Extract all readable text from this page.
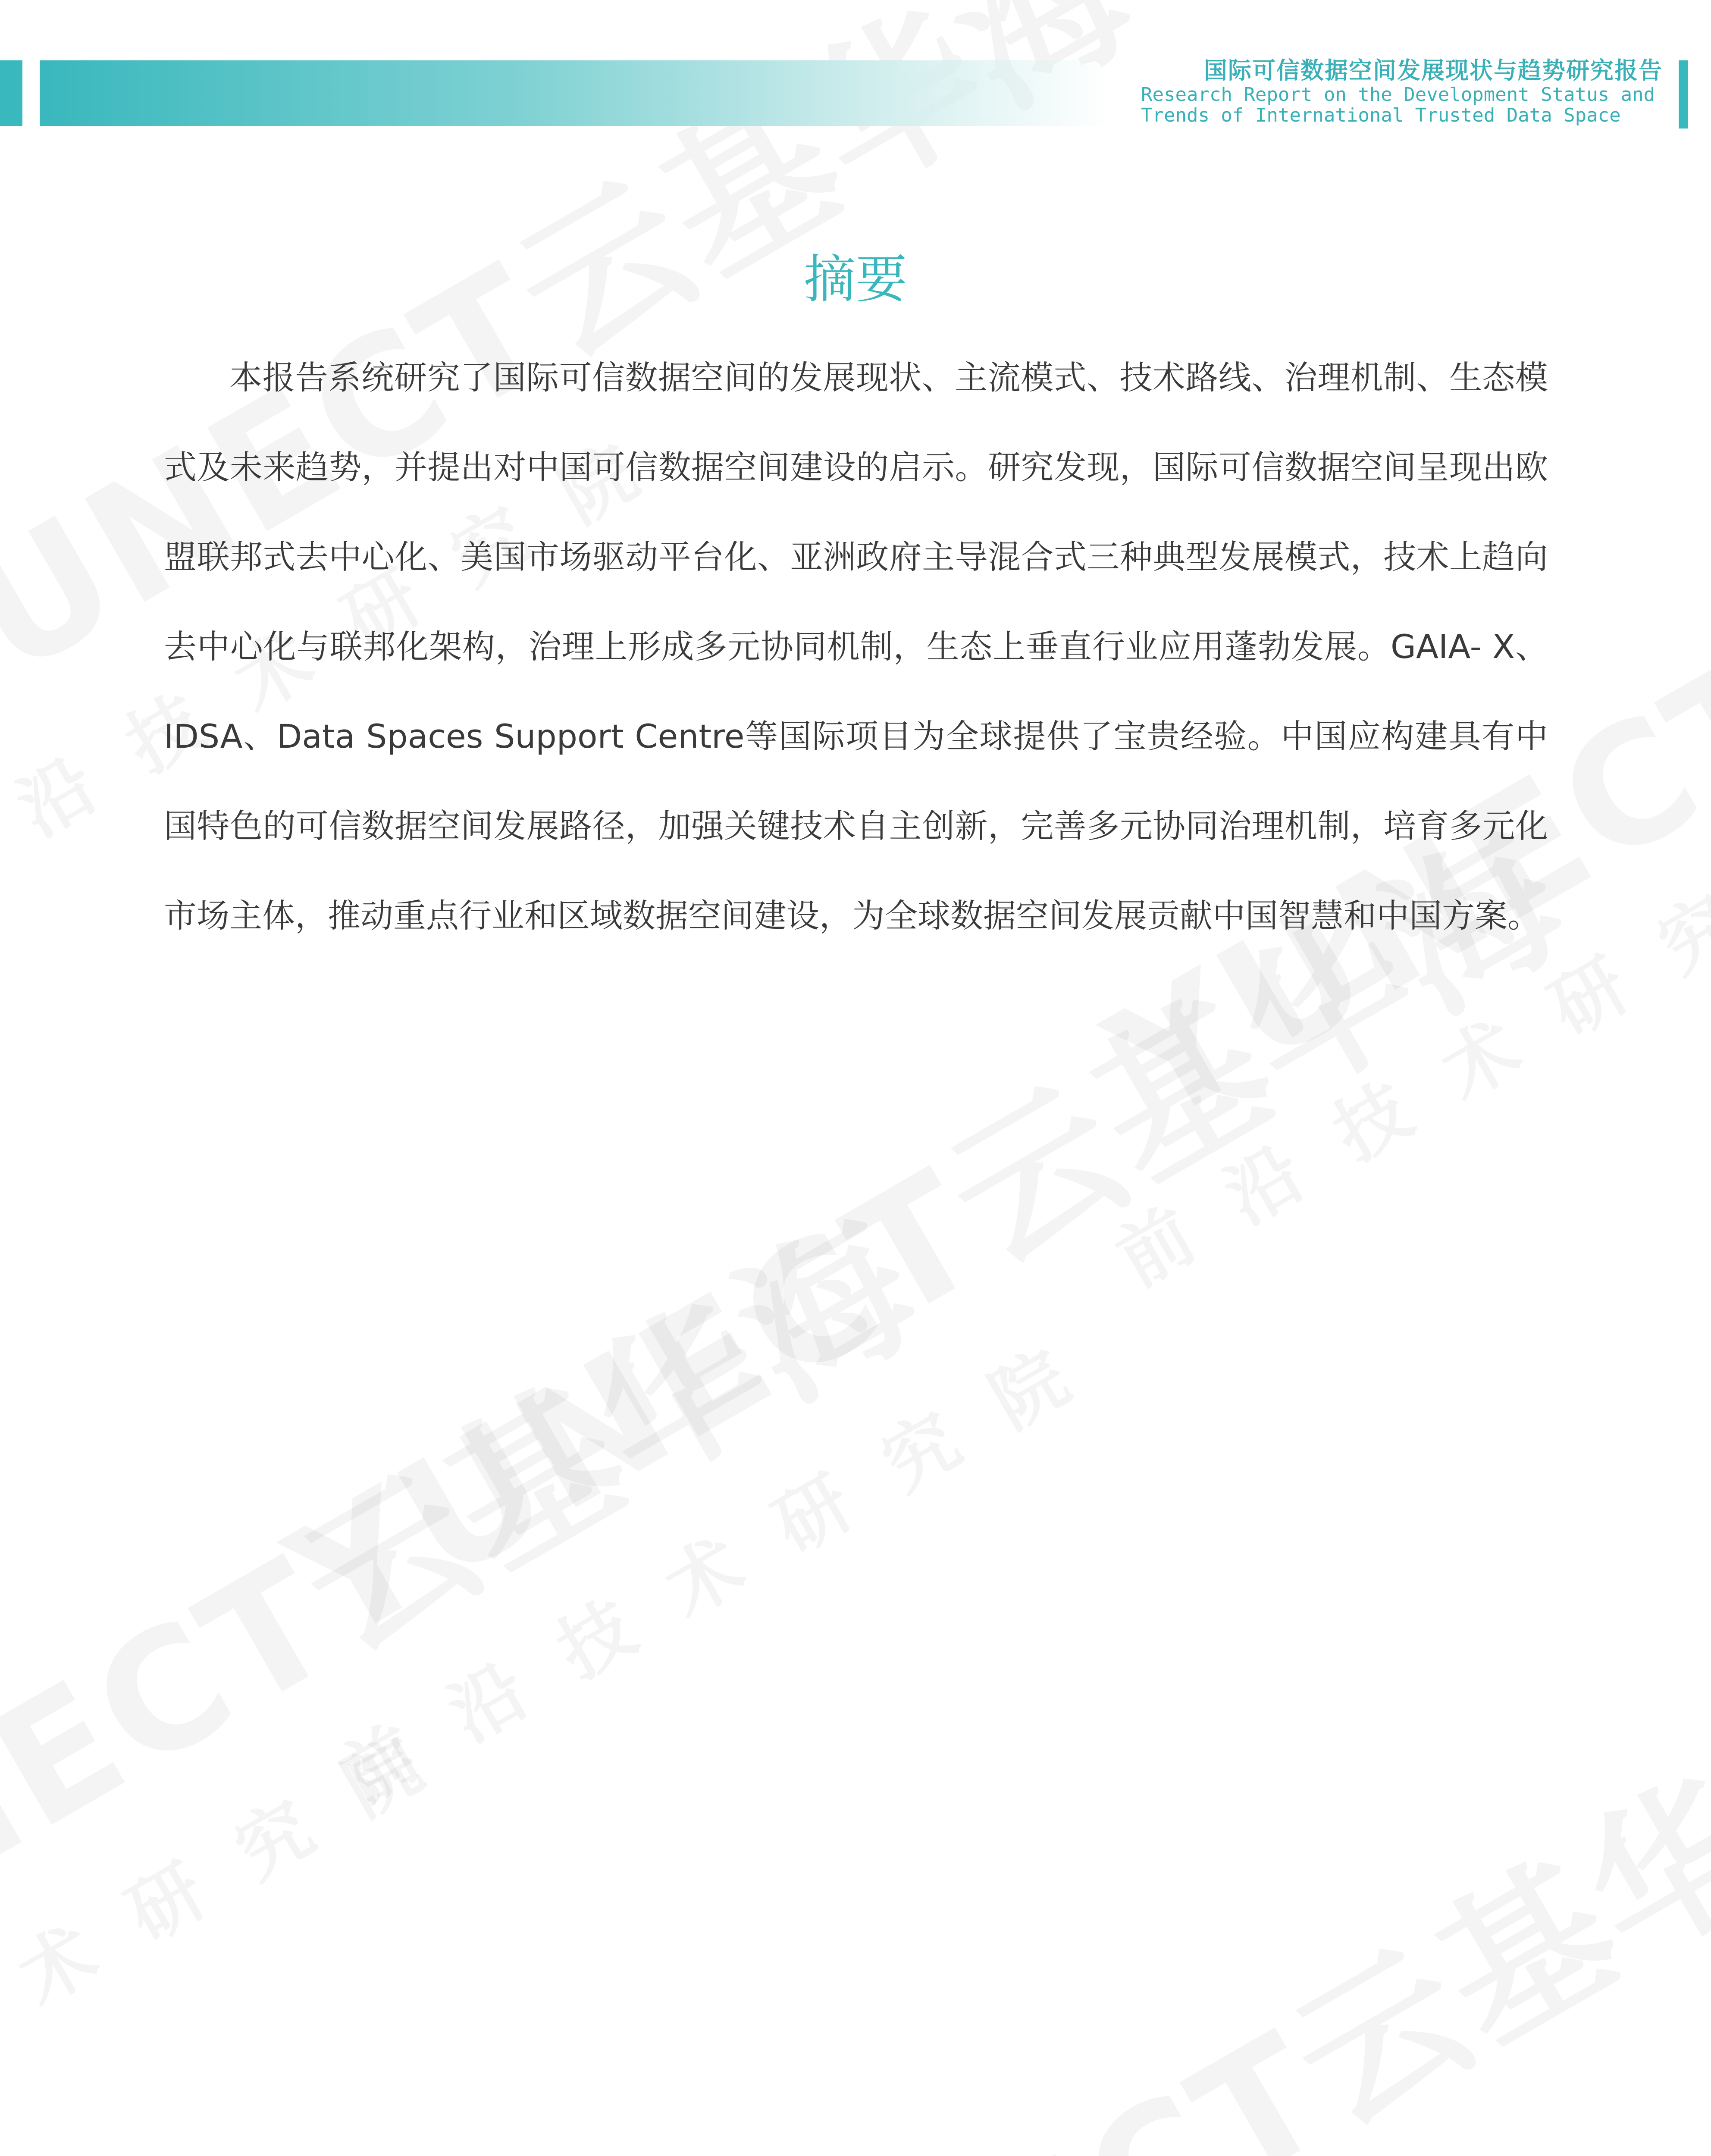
国际可信数据空间发展现状与趋势研究报告
Research Report on the Development Status and
Trends of International Trusted Data Space
摘要

本报告系统研究了国际可信数据空间的发展现状、主流模式、技术路线、治理机制、生态模式及未来趋势，并提出对中国可信数据空间建设的启示。研究发现，国际可信数据空间呈现出欧盟联邦式去中心化、美国市场驱动平台化、亚洲政府主导混合式三种典型发展模式，技术上趋向去中心化与联邦化架构，治理上形成多元协同机制，生态上垂直行业应用蓬勃发展。GAIA- X、IDSA、Data Spaces Support Centre等国际项目为全球提供了宝贵经验。中国应构建具有中国特色的可信数据空间发展路径，加强关键技术自主创新，完善多元协同治理机制，培育多元化市场主体，推动重点行业和区域数据空间建设，为全球数据空间发展贡献中国智慧和中国方案。
